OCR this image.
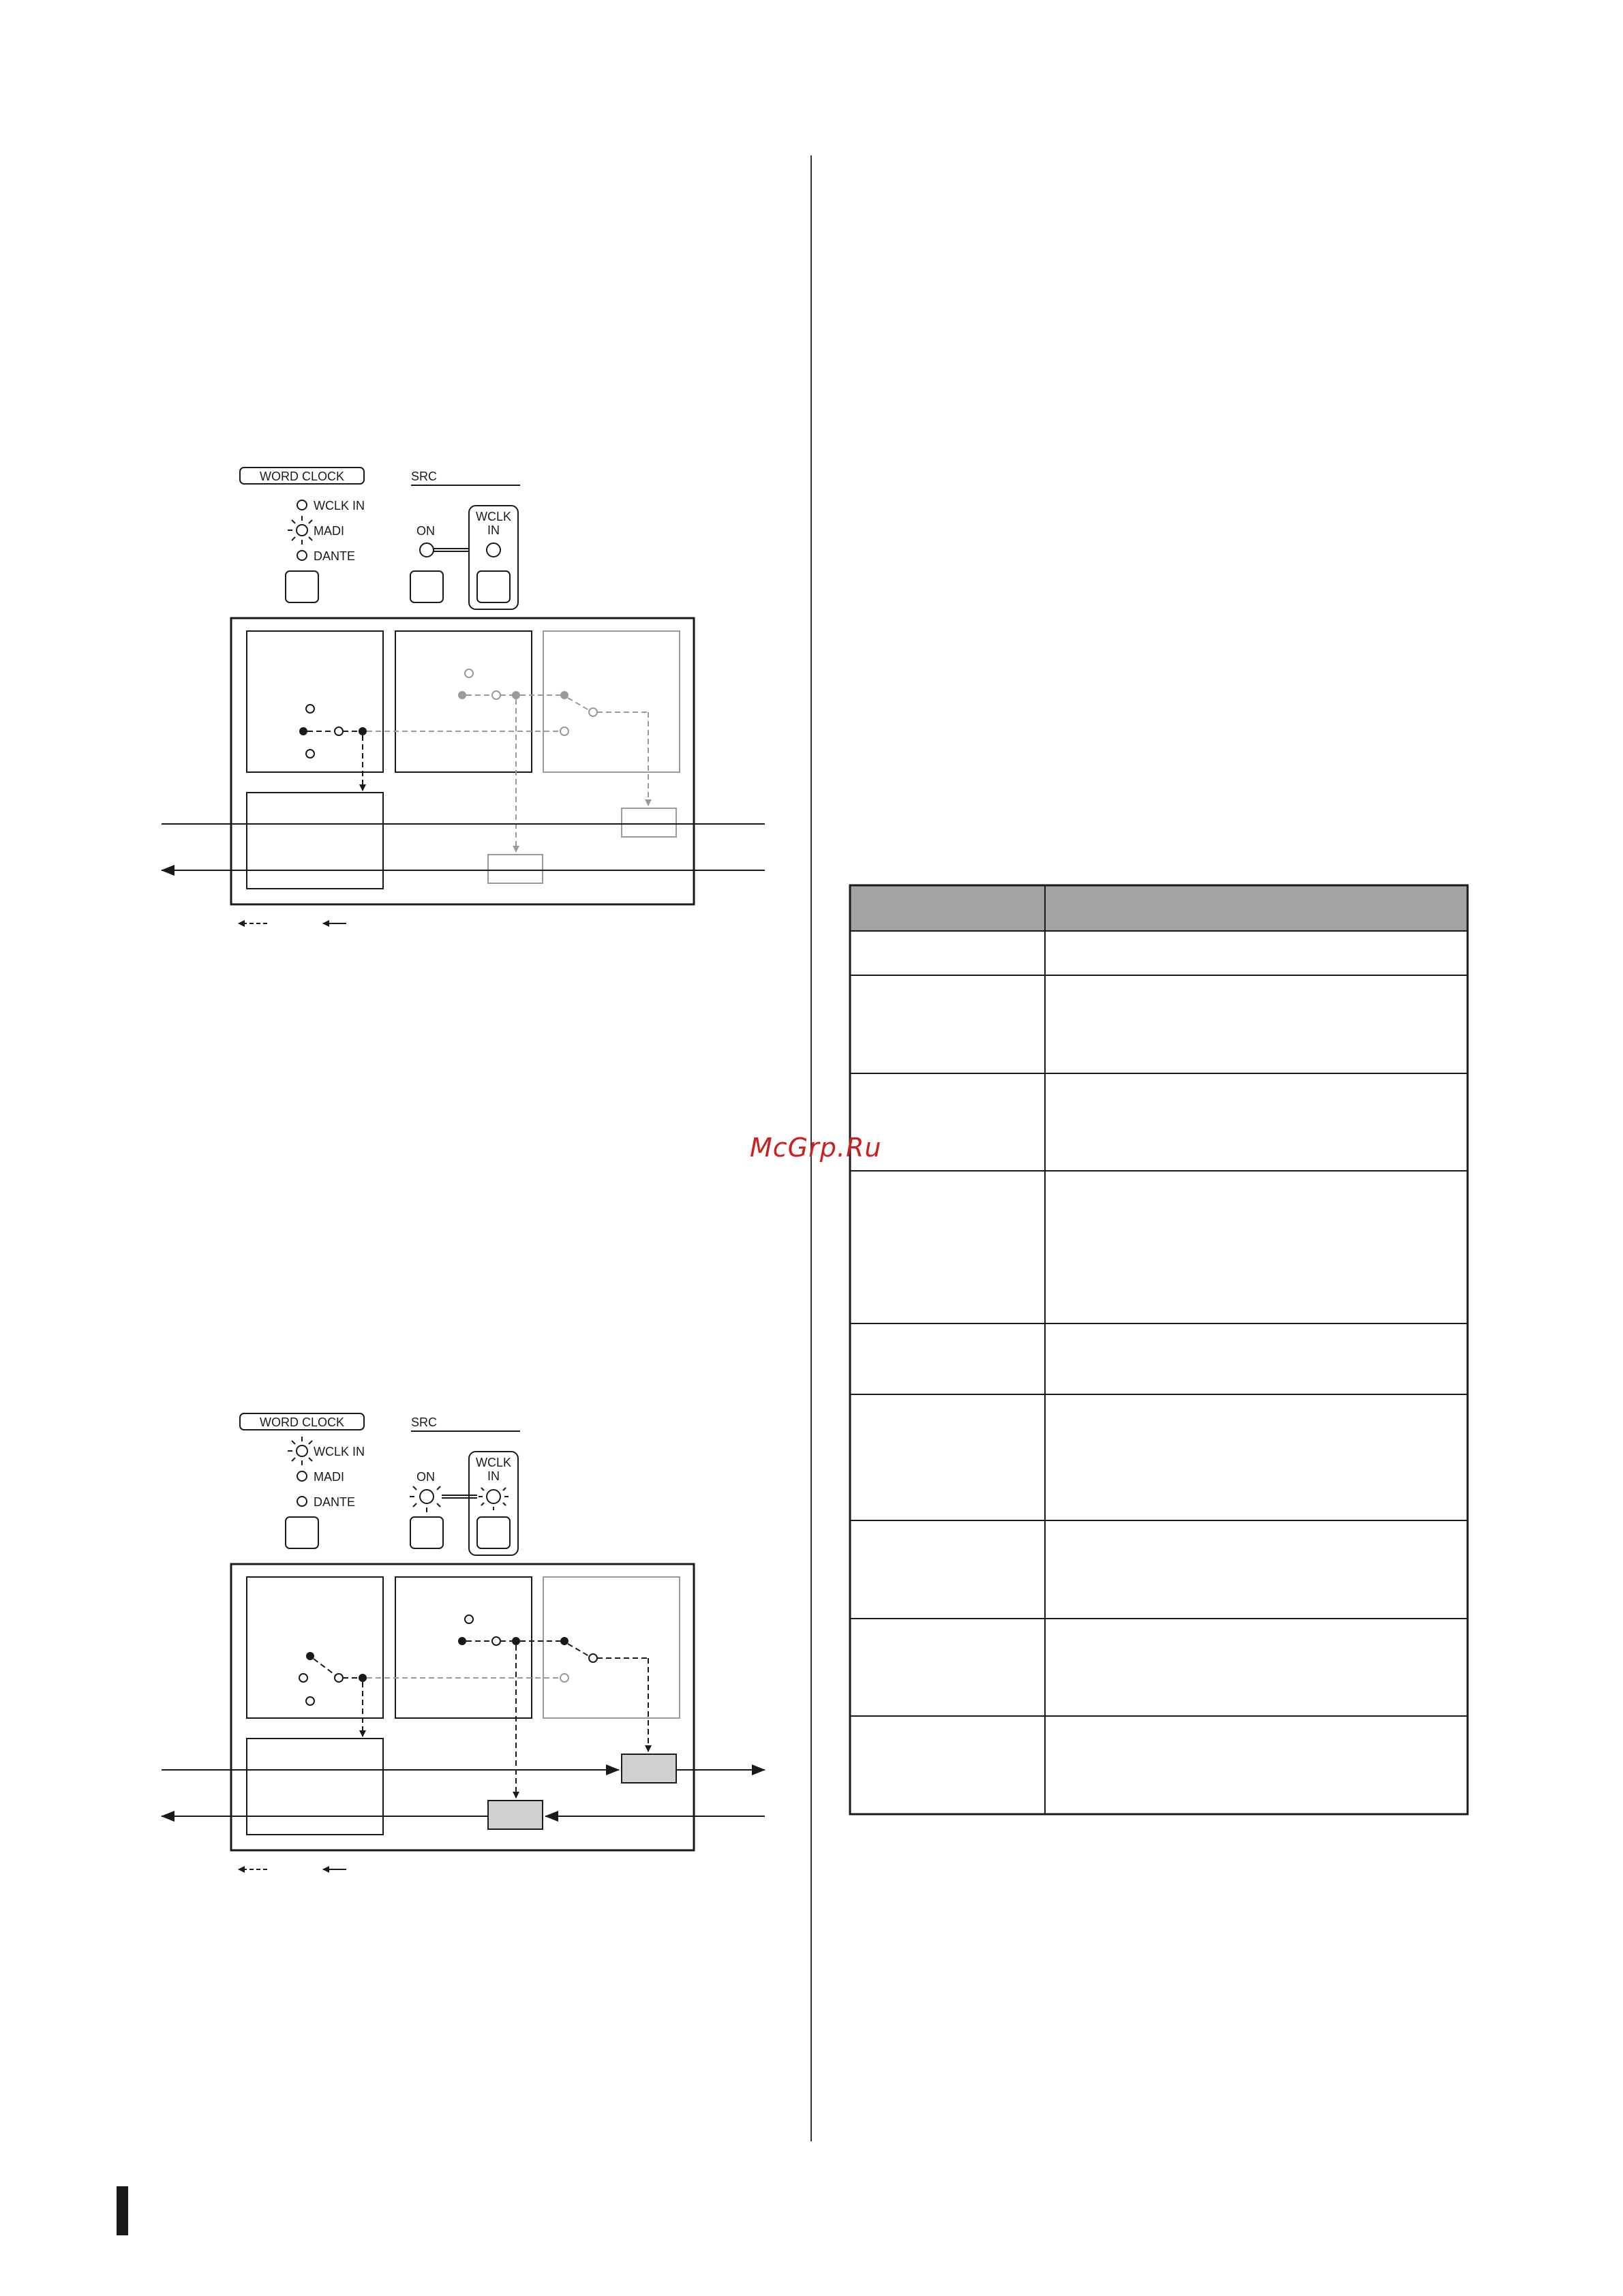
WORD CLOCK	SRC
WCLK IN
MADI
DANTE
ON
WCLK
IN
WORD CLOCK	SRC
WCLK IN
MADI
DANTE
ON
WCLK
IN
McGrp.Ru
